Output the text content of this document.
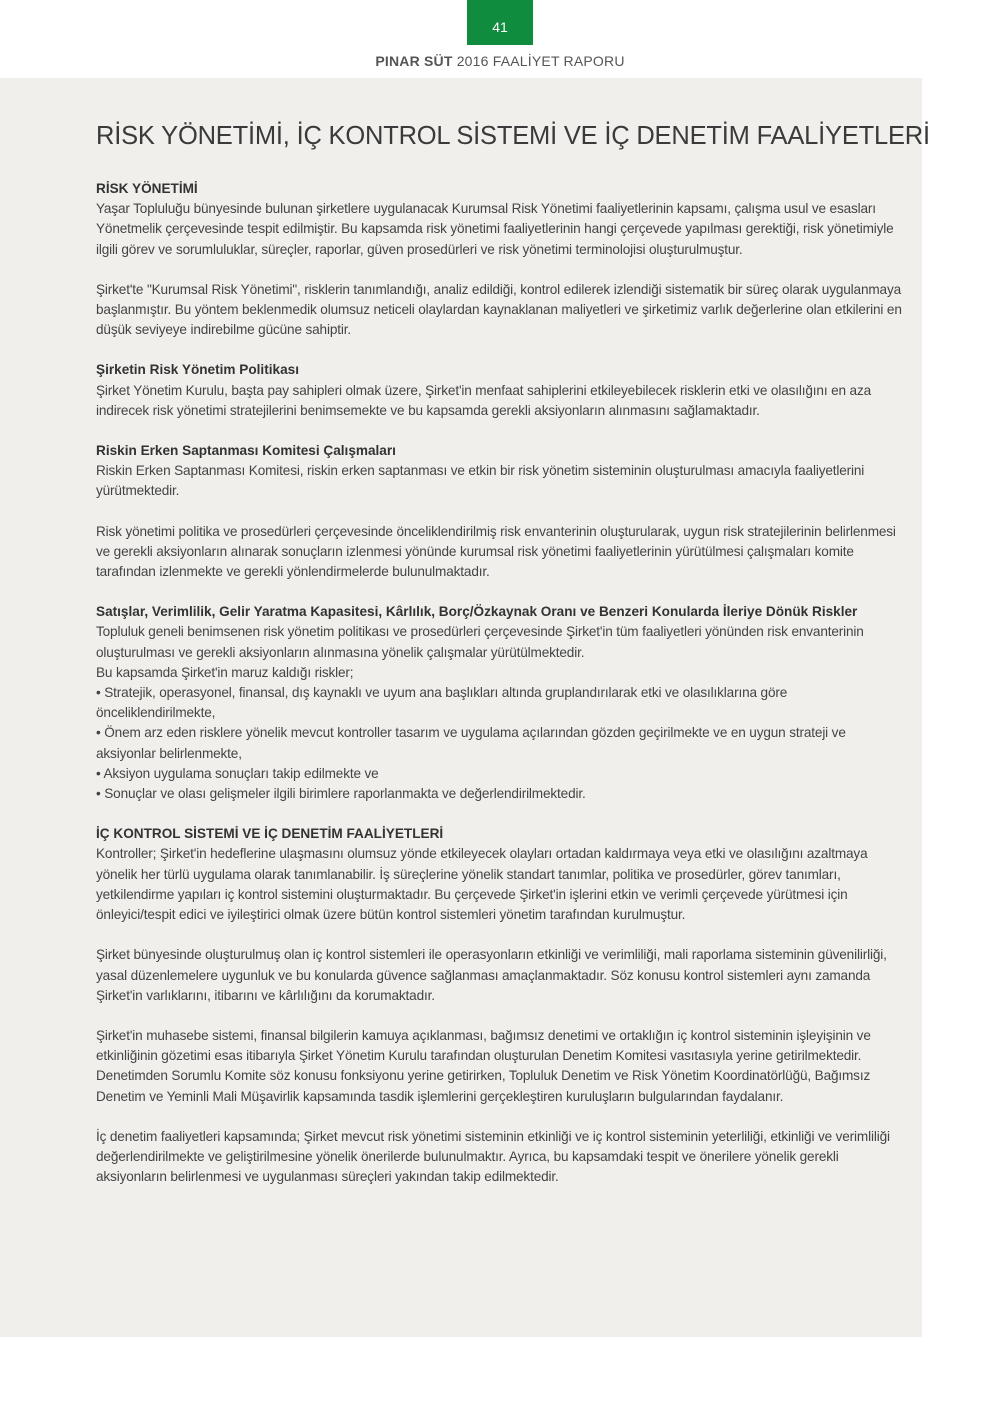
41
PINAR SÜT 2016 FAALİYET RAPORU
RİSK YÖNETİMİ, İÇ KONTROL SİSTEMİ VE İÇ DENETİM FAALİYETLERİ
RİSK YÖNETİMİ

Yaşar Topluluğu bünyesinde bulunan şirketlere uygulanacak Kurumsal Risk Yönetimi faaliyetlerinin kapsamı, çalışma usul ve esasları Yönetmelik çerçevesinde tespit edilmiştir. Bu kapsamda risk yönetimi faaliyetlerinin hangi çerçevede yapılması gerektiği, risk yönetimiyle ilgili görev ve sorumluluklar, süreçler, raporlar, güven prosedürleri ve risk yönetimi terminolojisi oluşturulmuştur.

Şirket'te "Kurumsal Risk Yönetimi", risklerin tanımlandığı, analiz edildiği, kontrol edilerek izlendiği sistematik bir süreç olarak uygulanmaya başlanmıştır. Bu yöntem beklenmedik olumsuz neticeli olaylardan kaynaklanan maliyetleri ve şirketimiz varlık değerlerine olan etkilerini en düşük seviyeye indirebilme gücüne sahiptir.

Şirketin Risk Yönetim Politikası

Şirket Yönetim Kurulu, başta pay sahipleri olmak üzere, Şirket'in menfaat sahiplerini etkileyebilecek risklerin etki ve olasılığını en aza indirecek risk yönetimi stratejilerini benimsemekte ve bu kapsamda gerekli aksiyonların alınmasını sağlamaktadır.

Riskin Erken Saptanması Komitesi Çalışmaları

Riskin Erken Saptanması Komitesi, riskin erken saptanması ve etkin bir risk yönetim sisteminin oluşturulması amacıyla faaliyetlerini yürütmektedir.

Risk yönetimi politika ve prosedürleri çerçevesinde önceliklendirilmiş risk envanterinin oluşturularak, uygun risk stratejilerinin belirlenmesi ve gerekli aksiyonların alınarak sonuçların izlenmesi yönünde kurumsal risk yönetimi faaliyetlerinin yürütülmesi çalışmaları komite tarafından izlenmekte ve gerekli yönlendirmelerde bulunulmaktadır.

Satışlar, Verimlilik, Gelir Yaratma Kapasitesi, Kârlılık, Borç/Özkaynak Oranı ve Benzeri Konularda İleriye Dönük Riskler

Topluluk geneli benimsenen risk yönetim politikası ve prosedürleri çerçevesinde Şirket'in tüm faaliyetleri yönünden risk envanterinin oluşturulması ve gerekli aksiyonların alınmasına yönelik çalışmalar yürütülmektedir.

Bu kapsamda Şirket'in maruz kaldığı riskler;

• Stratejik, operasyonel, finansal, dış kaynaklı ve uyum ana başlıkları altında gruplandırılarak etki ve olasılıklarına göre önceliklendirilmekte,

• Önem arz eden risklere yönelik mevcut kontroller tasarım ve uygulama açılarından gözden geçirilmekte ve en uygun strateji ve aksiyonlar belirlenmekte,

• Aksiyon uygulama sonuçları takip edilmekte ve

• Sonuçlar ve olası gelişmeler ilgili birimlere raporlanmakta ve değerlendirilmektedir.

İÇ KONTROL SİSTEMİ VE İÇ DENETİM FAALİYETLERİ

Kontroller; Şirket'in hedeflerine ulaşmasını olumsuz yönde etkileyecek olayları ortadan kaldırmaya veya etki ve olasılığını azaltmaya yönelik her türlü uygulama olarak tanımlanabilir. İş süreçlerine yönelik standart tanımlar, politika ve prosedürler, görev tanımları, yetkilendirme yapıları iç kontrol sistemini oluşturmaktadır. Bu çerçevede Şirket'in işlerini etkin ve verimli çerçevede yürütmesi için önleyici/tespit edici ve iyileştirici olmak üzere bütün kontrol sistemleri yönetim tarafından kurulmuştur.

Şirket bünyesinde oluşturulmuş olan iç kontrol sistemleri ile operasyonların etkinliği ve verimliliği, mali raporlama sisteminin güvenilirliği, yasal düzenlemelere uygunluk ve bu konularda güvence sağlanması amaçlanmaktadır. Söz konusu kontrol sistemleri aynı zamanda Şirket'in varlıklarını, itibarını ve kârlılığını da korumaktadır.

Şirket'in muhasebe sistemi, finansal bilgilerin kamuya açıklanması, bağımsız denetimi ve ortaklığın iç kontrol sisteminin işleyişinin ve etkinliğinin gözetimi esas itibarıyla Şirket Yönetim Kurulu tarafından oluşturulan Denetim Komitesi vasıtasıyla yerine getirilmektedir. Denetimden Sorumlu Komite söz konusu fonksiyonu yerine getirirken, Topluluk Denetim ve Risk Yönetim Koordinatörlüğü, Bağımsız Denetim ve Yeminli Mali Müşavirlik kapsamında tasdik işlemlerini gerçekleştiren kuruluşların bulgularından faydalanır.

İç denetim faaliyetleri kapsamında; Şirket mevcut risk yönetimi sisteminin etkinliği ve iç kontrol sisteminin yeterliliği, etkinliği ve verimliliği değerlendirilmekte ve geliştirilmesine yönelik önerilerde bulunulmaktır. Ayrıca, bu kapsamdaki tespit ve önerilere yönelik gerekli aksiyonların belirlenmesi ve uygulanması süreçleri yakından takip edilmektedir.
